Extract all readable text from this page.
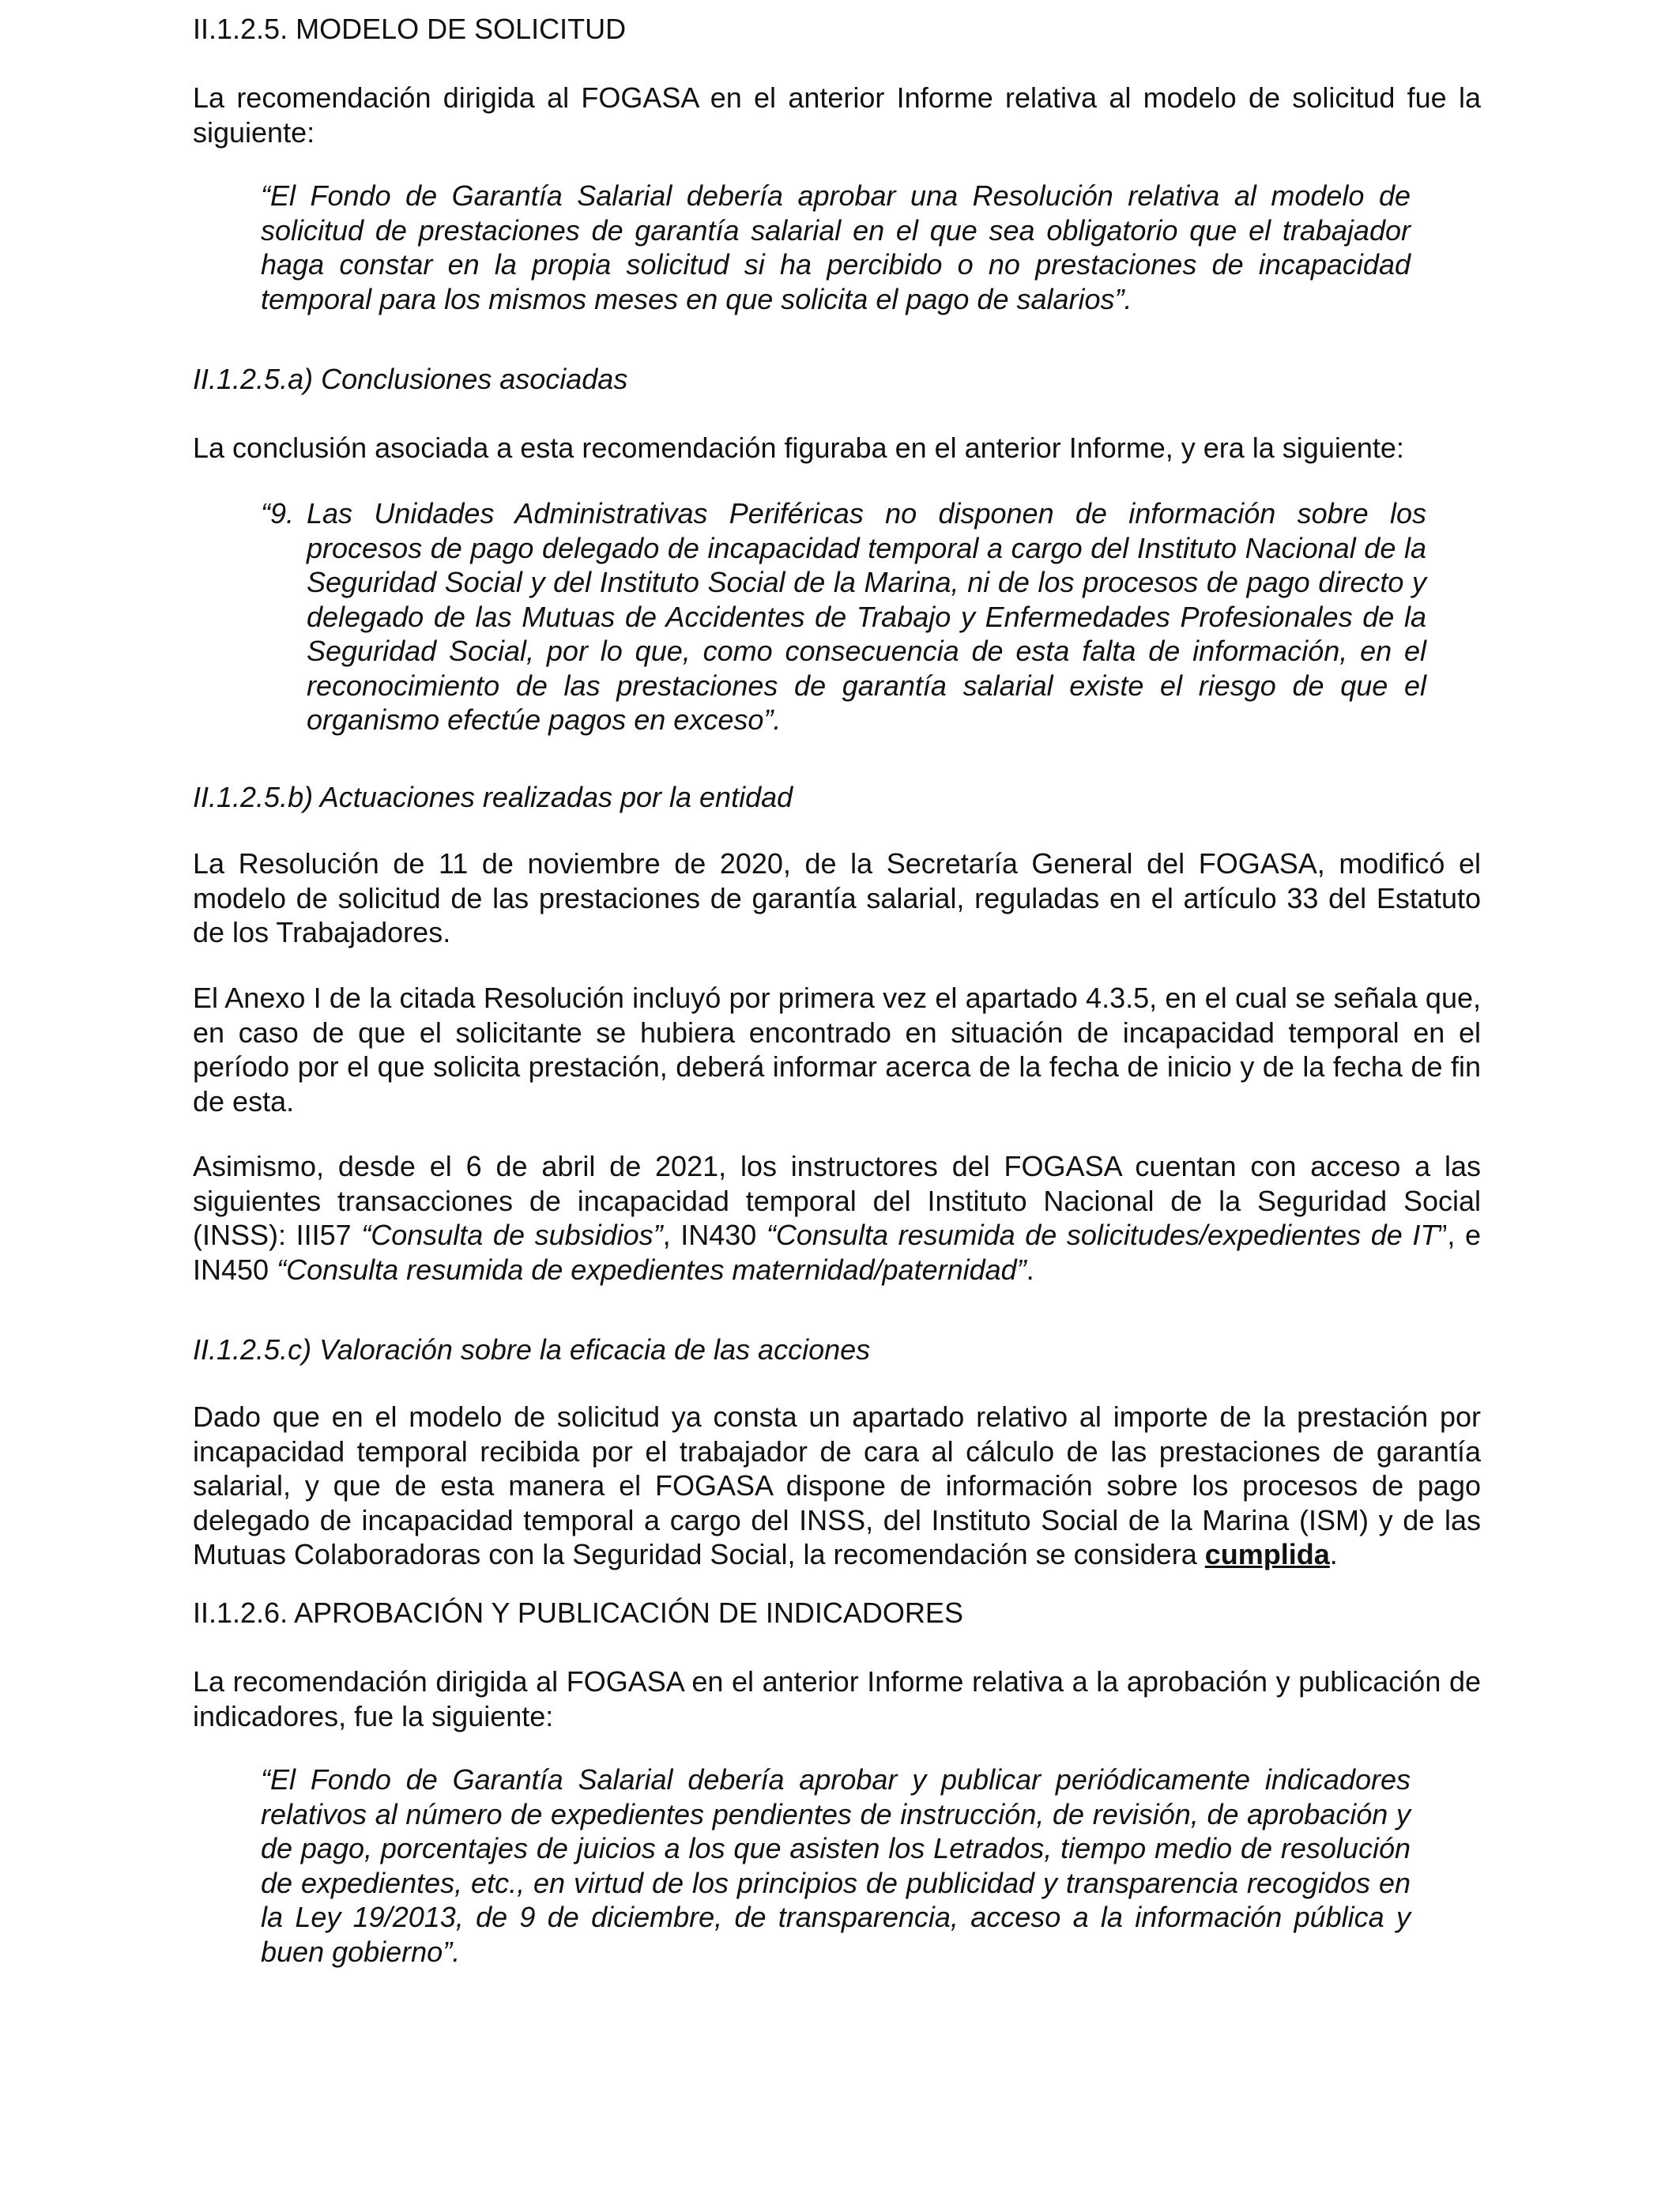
II.1.2.5. MODELO DE SOLICITUD

La recomendación dirigida al FOGASA en el anterior Informe relativa al modelo de solicitud fue la siguiente:

“El Fondo de Garantía Salarial debería aprobar una Resolución relativa al modelo de solicitud de prestaciones de garantía salarial en el que sea obligatorio que el trabajador haga constar en la propia solicitud si ha percibido o no prestaciones de incapacidad temporal para los mismos meses en que solicita el pago de salarios”.

II.1.2.5.a) Conclusiones asociadas

La conclusión asociada a esta recomendación figuraba en el anterior Informe, y era la siguiente:

“9. Las Unidades Administrativas Periféricas no disponen de información sobre los procesos de pago delegado de incapacidad temporal a cargo del Instituto Nacional de la Seguridad Social y del Instituto Social de la Marina, ni de los procesos de pago directo y delegado de las Mutuas de Accidentes de Trabajo y Enfermedades Profesionales de la Seguridad Social, por lo que, como consecuencia de esta falta de información, en el reconocimiento de las prestaciones de garantía salarial existe el riesgo de que el organismo efectúe pagos en exceso”.

II.1.2.5.b) Actuaciones realizadas por la entidad

La Resolución de 11 de noviembre de 2020, de la Secretaría General del FOGASA, modificó el modelo de solicitud de las prestaciones de garantía salarial, reguladas en el artículo 33 del Estatuto de los Trabajadores.

El Anexo I de la citada Resolución incluyó por primera vez el apartado 4.3.5, en el cual se señala que, en caso de que el solicitante se hubiera encontrado en situación de incapacidad temporal en el período por el que solicita prestación, deberá informar acerca de la fecha de inicio y de la fecha de fin de esta.

Asimismo, desde el 6 de abril de 2021, los instructores del FOGASA cuentan con acceso a las siguientes transacciones de incapacidad temporal del Instituto Nacional de la Seguridad Social (INSS): III57 “Consulta de subsidios”, IN430 “Consulta resumida de solicitudes/expedientes de IT”, e IN450 “Consulta resumida de expedientes maternidad/paternidad”.

II.1.2.5.c) Valoración sobre la eficacia de las acciones

Dado que en el modelo de solicitud ya consta un apartado relativo al importe de la prestación por incapacidad temporal recibida por el trabajador de cara al cálculo de las prestaciones de garantía salarial, y que de esta manera el FOGASA dispone de información sobre los procesos de pago delegado de incapacidad temporal a cargo del INSS, del Instituto Social de la Marina (ISM) y de las Mutuas Colaboradoras con la Seguridad Social, la recomendación se considera cumplida.

II.1.2.6. APROBACIÓN Y PUBLICACIÓN DE INDICADORES

La recomendación dirigida al FOGASA en el anterior Informe relativa a la aprobación y publicación de indicadores, fue la siguiente:

“El Fondo de Garantía Salarial debería aprobar y publicar periódicamente indicadores relativos al número de expedientes pendientes de instrucción, de revisión, de aprobación y de pago, porcentajes de juicios a los que asisten los Letrados, tiempo medio de resolución de expedientes, etc., en virtud de los principios de publicidad y transparencia recogidos en la Ley 19/2013, de 9 de diciembre, de transparencia, acceso a la información pública y buen gobierno”.
